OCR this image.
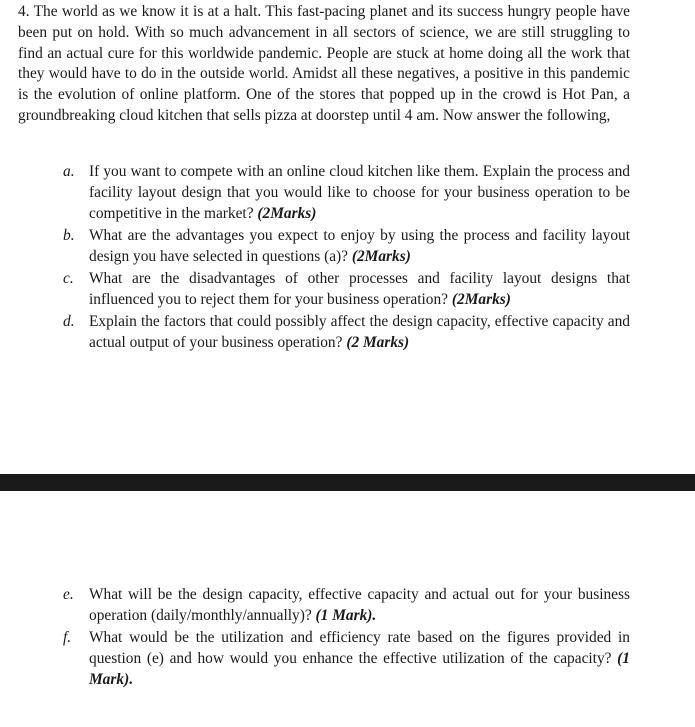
4. The world as we know it is at a halt. This fast-pacing planet and its success hungry people have been put on hold. With so much advancement in all sectors of science, we are still struggling to find an actual cure for this worldwide pandemic. People are stuck at home doing all the work that they would have to do in the outside world. Amidst all these negatives, a positive in this pandemic is the evolution of online platform. One of the stores that popped up in the crowd is Hot Pan, a groundbreaking cloud kitchen that sells pizza at doorstep until 4 am. Now answer the following,

a. If you want to compete with an online cloud kitchen like them. Explain the process and facility layout design that you would like to choose for your business operation to be competitive in the market? (2Marks)
b. What are the advantages you expect to enjoy by using the process and facility layout design you have selected in questions (a)? (2Marks)
c. What are the disadvantages of other processes and facility layout designs that influenced you to reject them for your business operation? (2Marks)
d. Explain the factors that could possibly affect the design capacity, effective capacity and actual output of your business operation? (2 Marks)
e. What will be the design capacity, effective capacity and actual out for your business operation (daily/monthly/annually)? (1 Mark).
f. What would be the utilization and efficiency rate based on the figures provided in question (e) and how would you enhance the effective utilization of the capacity? (1 Mark).
